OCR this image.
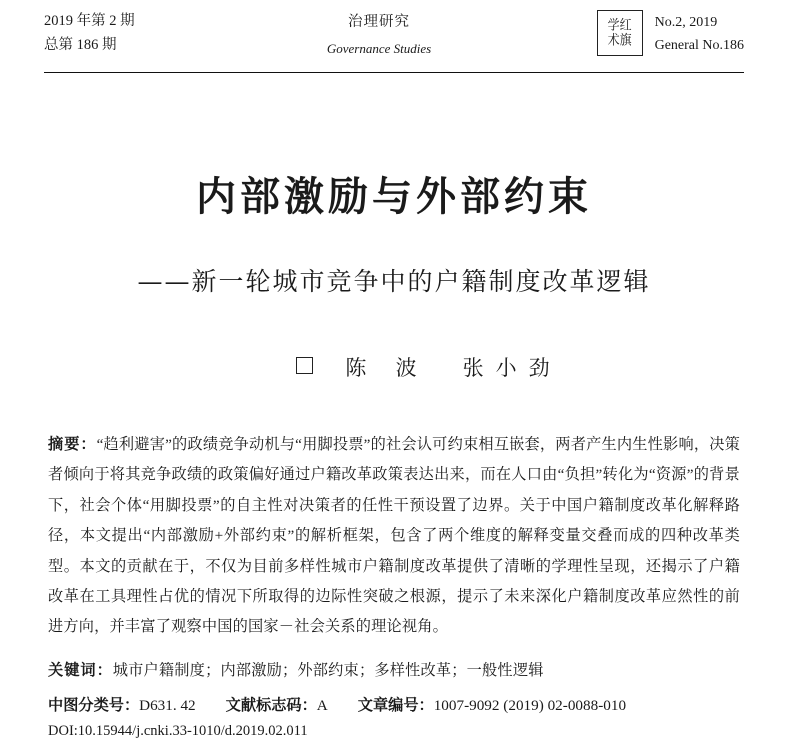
2019 年第 2 期
总第 186 期
治理研究
Governance Studies
学红
术旗
No.2, 2019
General No.186
内部激励与外部约束
——新一轮城市竞争中的户籍制度改革逻辑
陈 波 张小劲
摘要：“趋利避害”的政绩竞争动机与“用脚投票”的社会认可约束相互嵌套，两者产生内生性影响，决策者倾向于将其竞争政绩的政策偏好通过户籍改革政策表达出来，而在人口由“负担”转化为“资源”的背景下，社会个体“用脚投票”的自主性对决策者的任性干预设置了边界。关于中国户籍制度改革化解释路径，本文提出“内部激励+外部约束”的解析框架，包含了两个维度的解释变量交叠而成的四种改革类型。本文的贡献在于，不仅为目前多样性城市户籍制度改革提供了清晰的学理性呈现，还揭示了户籍改革在工具理性占优的情况下所取得的边际性突破之根源，提示了未来深化户籍制度改革应然性的前进方向，并丰富了观察中国的国家－社会关系的理论视角。
关键词：城市户籍制度；内部激励；外部约束；多样性改革；一般性逻辑
中图分类号：D631. 42 文献标志码：A 文章编号：1007-9092 (2019) 02-0088-010
DOI:10.15944/j.cnki.33-1010/d.2019.02.011
